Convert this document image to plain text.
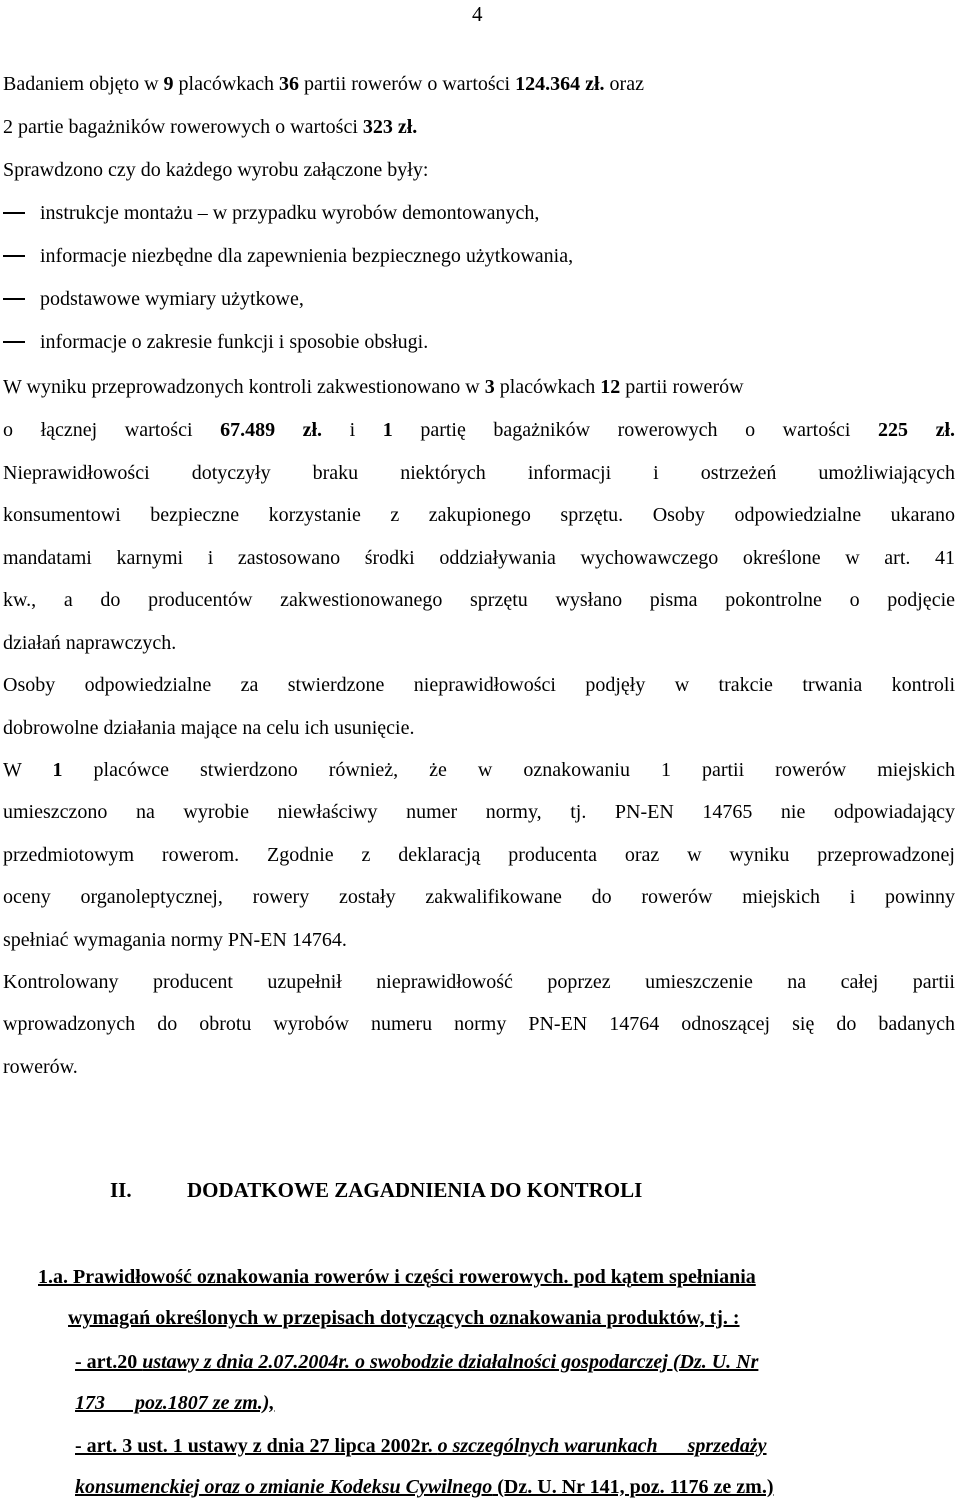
4
Badaniem objęto w 9 placówkach 36 partii rowerów o wartości 124.364 zł. oraz
2 partie bagażników rowerowych o wartości 323 zł.
Sprawdzono czy do każdego wyrobu załączone były:
instrukcje montażu – w przypadku wyrobów demontowanych,
informacje niezbędne dla zapewnienia bezpiecznego użytkowania,
podstawowe wymiary użytkowe,
informacje o zakresie funkcji i sposobie obsługi.
W wyniku przeprowadzonych kontroli zakwestionowano w 3 placówkach 12 partii rowerów
o łącznej wartości 67.489 zł. i 1 partię bagażników rowerowych o wartości 225 zł.
Nieprawidłowości dotyczyły braku niektórych informacji i ostrzeżeń umożliwiających
konsumentowi bezpieczne korzystanie z zakupionego sprzętu. Osoby odpowiedzialne ukarano
mandatami karnymi i zastosowano środki oddziaływania wychowawczego określone w art. 41
kw., a do producentów zakwestionowanego sprzętu wysłano pisma pokontrolne o podjęcie
działań naprawczych.
Osoby odpowiedzialne za stwierdzone nieprawidłowości podjęły w trakcie trwania kontroli
dobrowolne działania mające na celu ich usunięcie.
W 1 placówce stwierdzono również, że w oznakowaniu 1 partii rowerów miejskich
umieszczono na wyrobie niewłaściwy numer normy, tj. PN-EN 14765 nie odpowiadający
przedmiotowym rowerom. Zgodnie z deklaracją producenta oraz w wyniku przeprowadzonej
oceny organoleptycznej, rowery zostały zakwalifikowane do rowerów miejskich i powinny
spełniać wymagania normy PN-EN 14764.
Kontrolowany producent uzupełnił nieprawidłowość poprzez umieszczenie na całej partii
wprowadzonych do obrotu wyrobów numeru normy PN-EN 14764 odnoszącej się do badanych
rowerów.
II.	DODATKOWE ZAGADNIENIA DO KONTROLI
1.a. Prawidłowość oznakowania rowerów i części rowerowych. pod kątem spełniania
wymagań określonych w przepisach dotyczących oznakowania produktów, tj. :
- art.20 ustawy z dnia 2.07.2004r. o swobodzie działalności gospodarczej (Dz. U. Nr
173      poz.1807 ze zm.),
- art. 3 ust. 1 ustawy z dnia 27 lipca 2002r. o szczególnych warunkach      sprzedaży
konsumenckiej oraz o zmianie Kodeksu Cywilnego (Dz. U. Nr 141, poz. 1176 ze zm.)
